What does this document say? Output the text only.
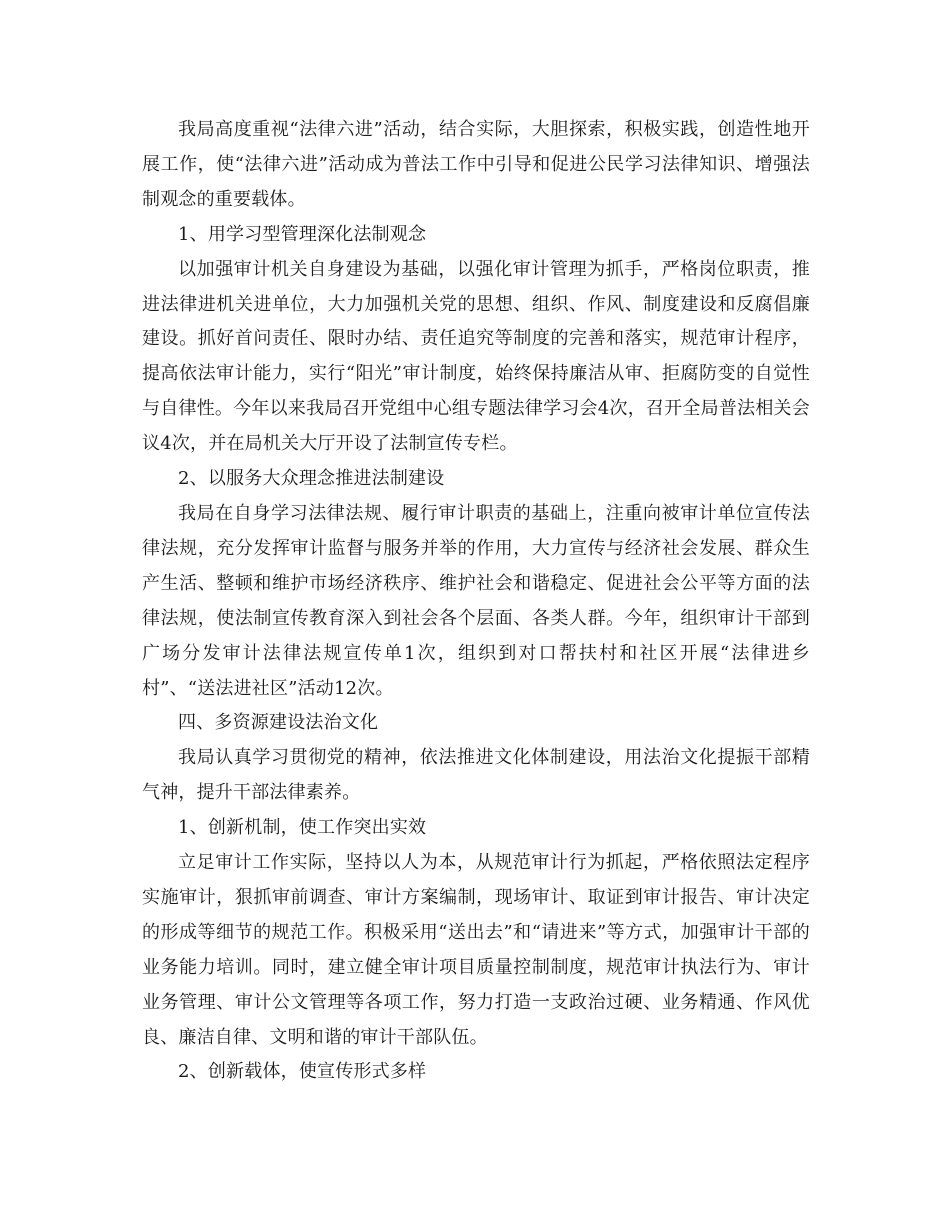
我局高度重视“法律六进”活动，结合实际，大胆探索，积极实践，创造性地开展工作，使“法律六进”活动成为普法工作中引导和促进公民学习法律知识、增强法制观念的重要载体。

1、用学习型管理深化法制观念

以加强审计机关自身建设为基础，以强化审计管理为抓手，严格岗位职责，推进法律进机关进单位，大力加强机关党的思想、组织、作风、制度建设和反腐倡廉建设。抓好首问责任、限时办结、责任追究等制度的完善和落实，规范审计程序，提高依法审计能力，实行“阳光”审计制度，始终保持廉洁从审、拒腐防变的自觉性与自律性。今年以来我局召开党组中心组专题法律学习会4次，召开全局普法相关会议4次，并在局机关大厅开设了法制宣传专栏。

2、以服务大众理念推进法制建设

我局在自身学习法律法规、履行审计职责的基础上，注重向被审计单位宣传法律法规，充分发挥审计监督与服务并举的作用，大力宣传与经济社会发展、群众生产生活、整顿和维护市场经济秩序、维护社会和谐稳定、促进社会公平等方面的法律法规，使法制宣传教育深入到社会各个层面、各类人群。今年，组织审计干部到广场分发审计法律法规宣传单1次，组织到对口帮扶村和社区开展“法律进乡村”、“送法进社区”活动12次。

四、多资源建设法治文化

我局认真学习贯彻党的精神，依法推进文化体制建设，用法治文化提振干部精气神，提升干部法律素养。

1、创新机制，使工作突出实效

立足审计工作实际，坚持以人为本，从规范审计行为抓起，严格依照法定程序实施审计，狠抓审前调查、审计方案编制，现场审计、取证到审计报告、审计决定的形成等细节的规范工作。积极采用“送出去”和“请进来”等方式，加强审计干部的业务能力培训。同时，建立健全审计项目质量控制制度，规范审计执法行为、审计业务管理、审计公文管理等各项工作，努力打造一支政治过硬、业务精通、作风优良、廉洁自律、文明和谐的审计干部队伍。

2、创新载体，使宣传形式多样
